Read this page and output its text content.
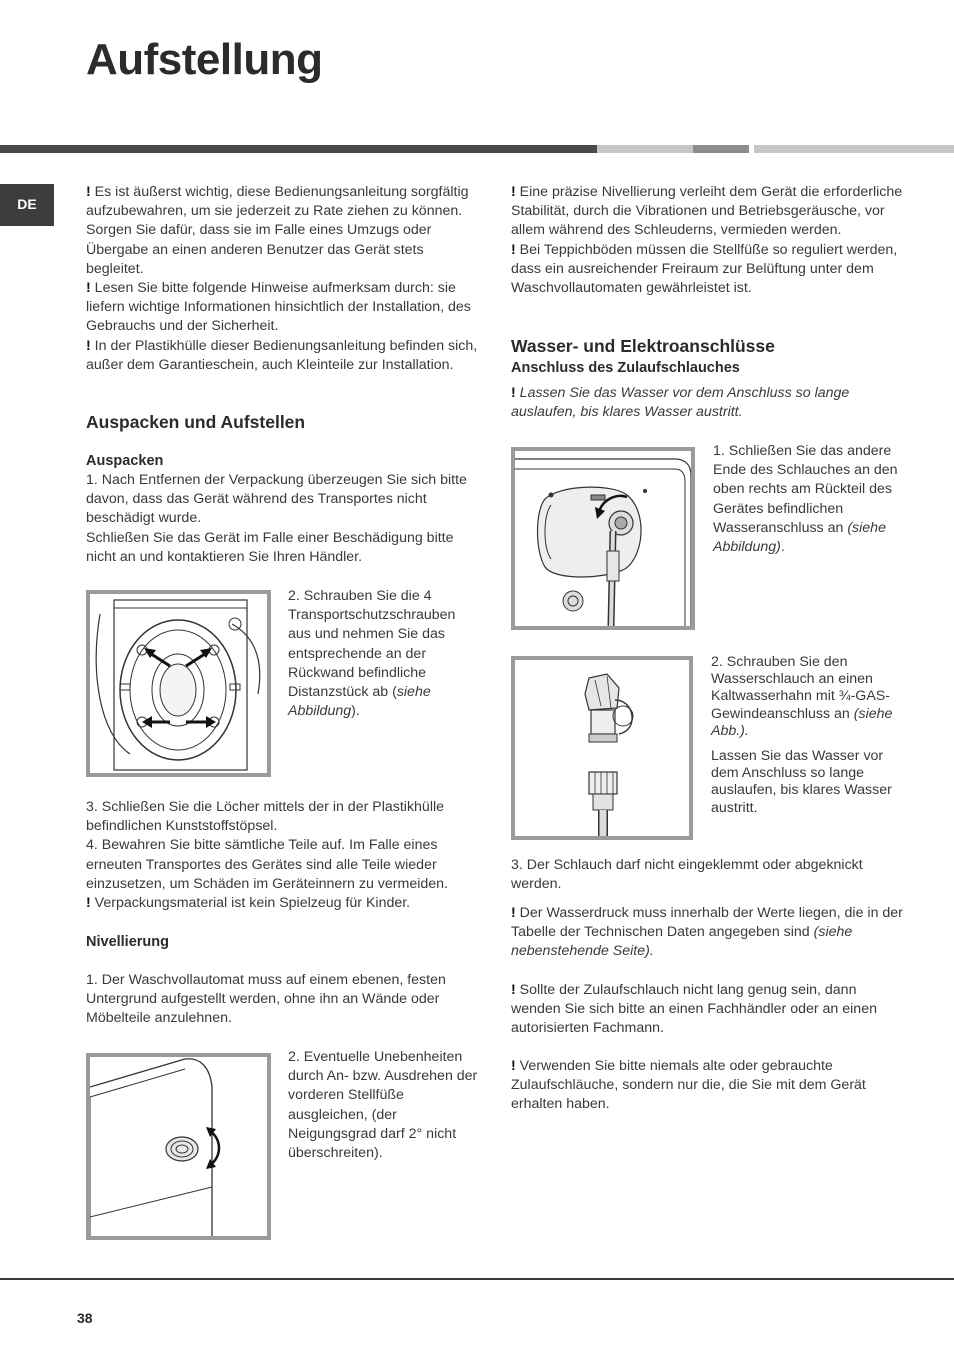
Aufstellung
DE

! Es ist äußerst wichtig, diese Bedienungsanleitung sorgfältig aufzubewahren, um sie jederzeit zu Rate ziehen zu können. Sorgen Sie dafür, dass sie im Falle eines Umzugs oder Übergabe an einen anderen Benutzer das Gerät stets begleitet.

! Lesen Sie bitte folgende Hinweise aufmerksam durch: sie liefern wichtige Informationen hinsichtlich der Installation, des Gebrauchs und der Sicherheit.

! In der Plastikhülle dieser Bedienungsanleitung befinden sich, außer dem Garantieschein, auch Kleinteile zur Installation.

Auspacken und Aufstellen
Auspacken

1. Nach Entfernen der Verpackung überzeugen Sie sich bitte davon, dass das Gerät während des Transportes nicht beschädigt wurde.

Schließen Sie das Gerät im Falle einer Beschädigung bitte nicht an und kontaktieren Sie Ihren Händler.

2. Schrauben Sie die 4 Transportschutzschrauben aus und nehmen Sie das entsprechende an der Rückwand befindliche Distanzstück ab (siehe Abbildung).

3. Schließen Sie die Löcher mittels der in der Plastikhülle befindlichen Kunststoffstöpsel.

4. Bewahren Sie bitte sämtliche Teile auf. Im Falle eines erneuten Transportes des Gerätes sind alle Teile wieder einzusetzen, um Schäden im Geräteinnern zu vermeiden.

! Verpackungsmaterial ist kein Spielzeug für Kinder.

Nivellierung

1. Der Waschvollautomat muss auf einem ebenen, festen Untergrund aufgestellt werden, ohne ihn an Wände oder Möbelteile anzulehnen.

2. Eventuelle Unebenheiten durch An- bzw. Ausdrehen der vorderen Stellfüße ausgleichen, (der Neigungsgrad darf 2° nicht überschreiten).

! Eine präzise Nivellierung verleiht dem Gerät die erforderliche Stabilität, durch die Vibrationen und Betriebsgeräusche, vor allem während des Schleuderns, vermieden werden.

! Bei Teppichböden müssen die Stellfüße so reguliert werden, dass ein ausreichender Freiraum zur Belüftung unter dem Waschvollautomaten gewährleistet ist.

Wasser- und Elektroanschlüsse
Anschluss des Zulaufschlauches

! Lassen Sie das Wasser vor dem Anschluss so lange auslaufen, bis klares Wasser austritt.

1. Schließen Sie das andere Ende des Schlauches an den oben rechts am Rückteil des Gerätes befindlichen Wasseranschluss an (siehe Abbildung).

2. Schrauben Sie den Wasserschlauch an einen Kaltwasserhahn mit ¾-GAS-Gewindeanschluss an (siehe Abb.).

Lassen Sie das Wasser vor dem Anschluss so lange auslaufen, bis klares Wasser austritt.

3. Der Schlauch darf nicht eingeklemmt oder abgeknickt werden.

! Der Wasserdruck muss innerhalb der Werte liegen, die in der Tabelle der Technischen Daten angegeben sind (siehe nebenstehende Seite).

! Sollte der Zulaufschlauch nicht lang genug sein, dann wenden Sie sich bitte an einen Fachhändler oder an einen autorisierten Fachmann.

! Verwenden Sie bitte niemals alte oder gebrauchte Zulaufschläuche, sondern nur die, die Sie mit dem Gerät erhalten haben.

38
